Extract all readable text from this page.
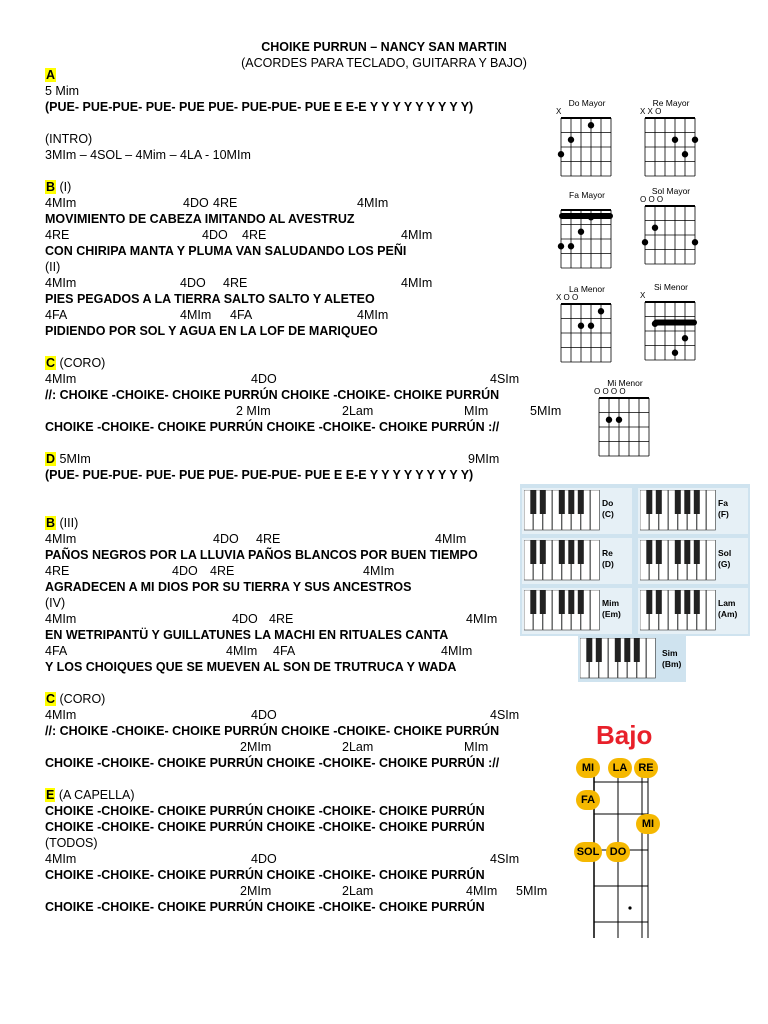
CHOIKE PURRUN – NANCY SAN MARTIN
(ACORDES PARA TECLADO, GUITARRA Y BAJO)
A
5 Mim
(PUE- PUE-PUE- PUE- PUE PUE- PUE-PUE- PUE E E-E Y Y Y Y Y Y Y Y Y)
(INTRO)
3MIm – 4SOL – 4Mim – 4LA - 10MIm
B (I)
4MIm	4DO 4RE	4MIm
MOVIMIENTO DE CABEZA IMITANDO AL AVESTRUZ
4RE	4DO 4RE	4MIm
CON CHIRIPA MANTA Y PLUMA VAN SALUDANDO LOS PEÑI
(II)
4MIm	4DO 4RE	4MIm
PIES PEGADOS A LA TIERRA SALTO SALTO Y ALETEO
4FA	4MIm 4FA	4MIm
PIDIENDO POR SOL Y AGUA EN LA LOF DE MARIQUEO
C (CORO)
4MIm	4DO	4SIm
//: CHOIKE -CHOIKE- CHOIKE PURRÚN CHOIKE -CHOIKE- CHOIKE PURRÚN
2 MIm	2Lam	MIm	5MIm
CHOIKE -CHOIKE- CHOIKE PURRÚN CHOIKE -CHOIKE- CHOIKE PURRÚN ://
D 5MIm	9MIm
(PUE- PUE-PUE- PUE- PUE PUE- PUE-PUE- PUE E E-E Y Y Y Y Y Y Y Y Y)
B (III)
4MIm	4DO 4RE	4MIm
PAÑOS NEGROS POR LA LLUVIA PAÑOS BLANCOS POR BUEN TIEMPO
4RE	4DO 4RE	4MIm
AGRADECEN A MI DIOS POR SU TIERRA Y SUS ANCESTROS
(IV)
4MIm	4DO 4RE	4MIm
EN WETRIPANTÜ Y GUILLATUNES LA MACHI EN RITUALES CANTA
4FA	4MIm 4FA	4MIm
Y LOS CHOIQUES QUE SE MUEVEN AL SON DE TRUTRUCA Y WADA
C (CORO)
4MIm	4DO	4SIm
//: CHOIKE -CHOIKE- CHOIKE PURRÚN CHOIKE -CHOIKE- CHOIKE PURRÚN
2MIm	2Lam	MIm
CHOIKE -CHOIKE- CHOIKE PURRÚN CHOIKE -CHOIKE- CHOIKE PURRÚN ://
E (A CAPELLA)
CHOIKE -CHOIKE- CHOIKE PURRÚN CHOIKE -CHOIKE- CHOIKE PURRÚN
CHOIKE -CHOIKE- CHOIKE PURRÚN CHOIKE -CHOIKE- CHOIKE PURRÚN
(TODOS)
4MIm	4DO	4SIm
CHOIKE -CHOIKE- CHOIKE PURRÚN CHOIKE -CHOIKE- CHOIKE PURRÚN
2MIm	2Lam	4MIm 5MIm
CHOIKE -CHOIKE- CHOIKE PURRÚN CHOIKE -CHOIKE- CHOIKE PURRÚN
Do Mayor
X
Re Mayor
X X O
Fa Mayor	Sol Mayor
O O O
La Menor
X O O
Si Menor
X
Mi Menor
O O O O
Do
(C)
Fa
(F)
Re
(D)
Sol
(G)
Mim
(Em)
Lam
(Am)
Sim
(Bm)
Bajo
MI	LA	RE
FA
MI
SOL DO
